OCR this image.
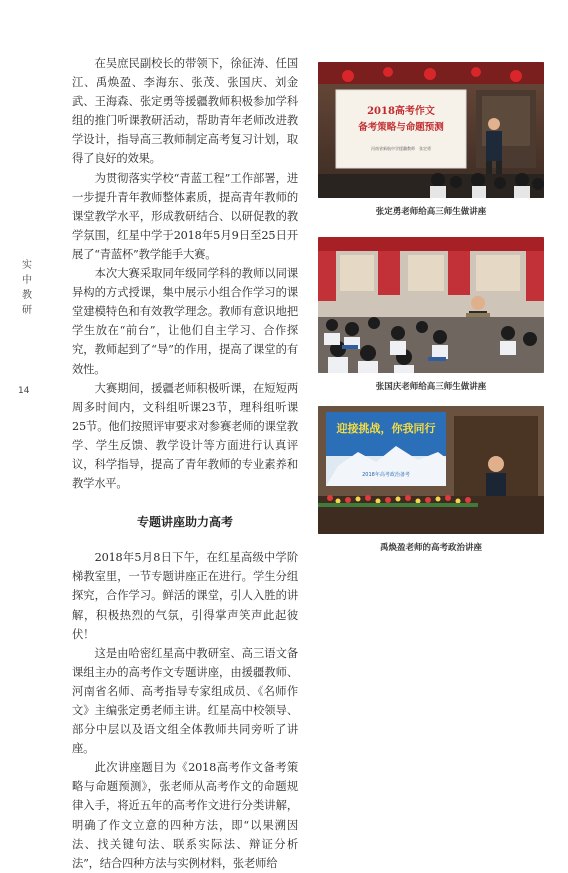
实
中
教
研
14

在吴庶民副校长的带领下，徐征涛、任国江、禹焕盈、李海东、张茂、张国庆、刘金武、王海森、张定勇等援疆教师积极参加学科组的推门听课教研活动，帮助青年老师改进教学设计，指导高三教师制定高考复习计划，取得了良好的效果。

为贯彻落实学校“青蓝工程”工作部署，进一步提升青年教师整体素质，提高青年教师的课堂教学水平，形成教研结合、以研促教的教学氛围，红星中学于2018年5月9日至25日开展了“青蓝杯”教学能手大赛。

本次大赛采取同年级同学科的教师以同课异构的方式授课，集中展示小组合作学习的课堂建模特色和有效教学理念。教师有意识地把学生放在“前台”，让他们自主学习、合作探究，教师起到了“导”的作用，提高了课堂的有效性。

大赛期间，援疆老师积极听课，在短短两周多时间内，文科组听课23节，理科组听课25节。他们按照评审要求对参赛老师的课堂教学、学生反馈、教学设计等方面进行认真评议，科学指导，提高了青年教师的专业素养和教学水平。

专题讲座助力高考

2018年5月8日下午，在红星高级中学阶梯教室里，一节专题讲座正在进行。学生分组探究，合作学习。鲜活的课堂，引人入胜的讲解，积极热烈的气氛，引得掌声笑声此起彼伏！

这是由哈密红星高中教研室、高三语文备课组主办的高考作文专题讲座，由援疆教师、河南省名师、高考指导专家组成员、《名师作文》主编张定勇老师主讲。红星高中校领导、部分中层以及语文组全体教师共同旁听了讲座。

此次讲座题目为《2018高考作文备考策略与命题预测》，张老师从高考作文的命题规律入手，将近五年的高考作文进行分类讲解，明确了作文立意的四种方法，即“以果溯因法、找关键句法、联系实际法、辩证分析法”，结合四种方法与实例材料，张老师给

2018高考作文
备考策略与命题预测
河南省新航中学援疆教师　张定勇
张定勇老师给高三师生做讲座
张国庆老师给高三师生做讲座
迎接挑战，你我同行
2018年高考政治备考
禹焕盈老师的高考政治讲座
